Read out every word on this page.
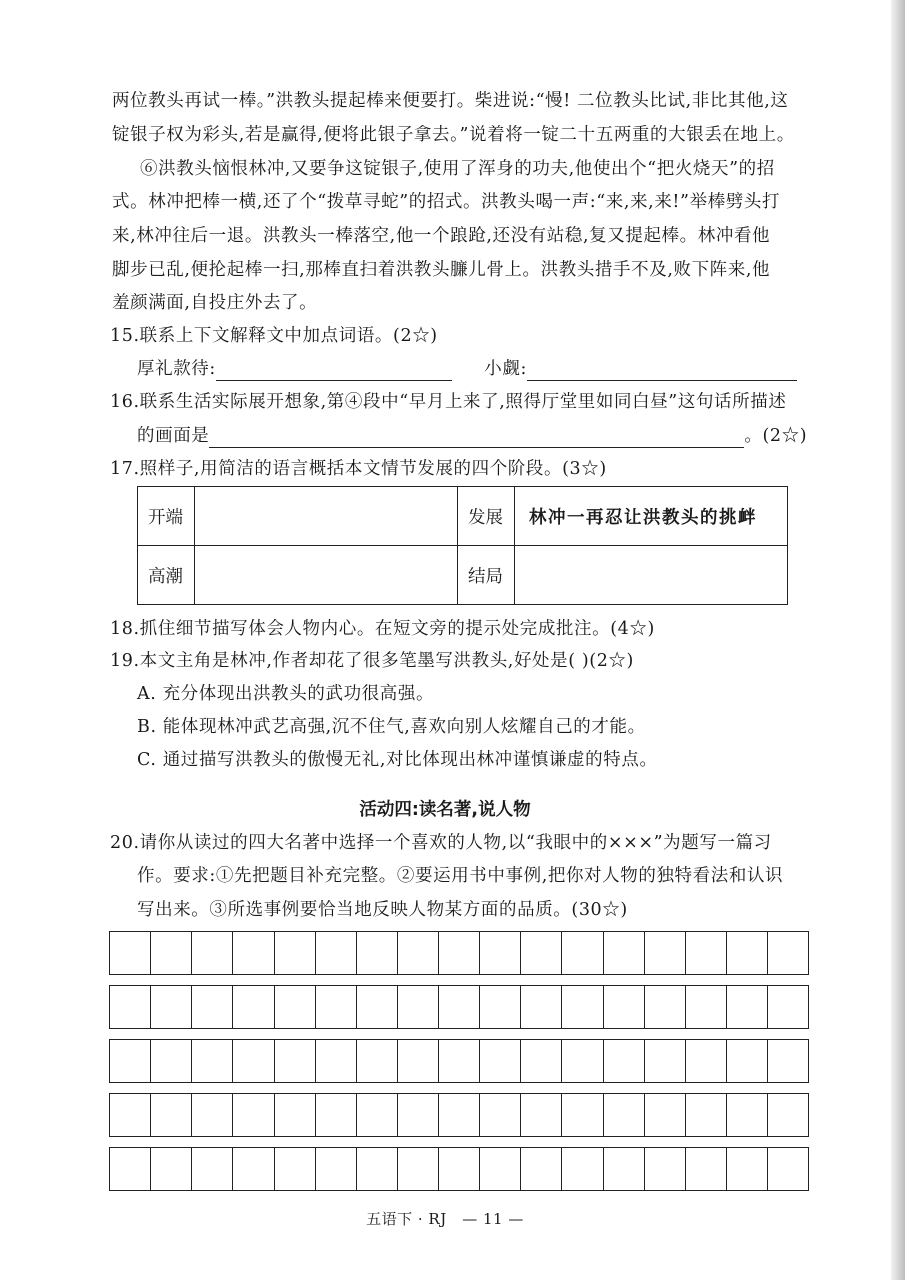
两位教头再试一棒。”洪教头提起棒来便要打。柴进说:“慢! 二位教头比试,非比其他,这
锭银子权为彩头,若是赢得,便将此银子拿去。”说着将一锭二十五两重的大银丢在地上。
⑥洪教头恼恨林冲,又要争这锭银子,使用了浑身的功夫,他使出个“把火烧天”的招
式。林冲把棒一横,还了个“拨草寻蛇”的招式。洪教头喝一声:“来,来,来!”举棒劈头打
来,林冲往后一退。洪教头一棒落空,他一个踉跄,还没有站稳,复又提起棒。林冲看他
脚步已乱,便抡起棒一扫,那棒直扫着洪教头臁儿骨上。洪教头措手不及,败下阵来,他
羞颜满面,自投庄外去了。
15.联系上下文解释文中加点词语。(2☆)
厚礼款待:	小觑:
16.联系生活实际展开想象,第④段中“早月上来了,照得厅堂里如同白昼”这句话所描述
的画面是	。(2☆)
17.照样子,用简洁的语言概括本文情节发展的四个阶段。(3☆)
开端		发展	林冲一再忍让洪教头的挑衅
高潮		结局	
18.抓住细节描写体会人物内心。在短文旁的提示处完成批注。(4☆)
19.本文主角是林冲,作者却花了很多笔墨写洪教头,好处是( )(2☆)
A. 充分体现出洪教头的武功很高强。
B. 能体现林冲武艺高强,沉不住气,喜欢向别人炫耀自己的才能。
C. 通过描写洪教头的傲慢无礼,对比体现出林冲谨慎谦虚的特点。
活动四:读名著,说人物
20.请你从读过的四大名著中选择一个喜欢的人物,以“我眼中的×××”为题写一篇习
作。要求:①先把题目补充完整。②要运用书中事例,把你对人物的独特看法和认识
写出来。③所选事例要恰当地反映人物某方面的品质。(30☆)
五语下 · RJ　— 11 —
